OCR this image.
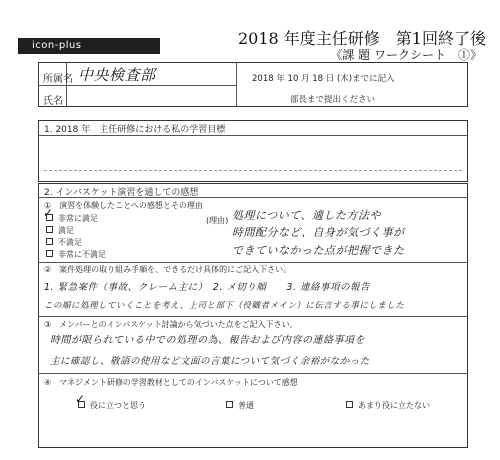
icon-plus	2018 年度主任研修　第1回終了後
《課 題 ワークシート　①》
所属名 中央検査部
氏名
2018 年 10 月 18 日 (木)までに記入
部長まで提出ください
1. 2018 年　主任研修における私の学習目標
2. インバスケット演習を通しての感想
①　演習を体験したことへの感想とその理由
✓ 非常に満足
満足
不満足
非常に不満足
(理由) 処理について、適した方法や
時間配分など、自身が気づく事が
できていなかった点が把握できた
②　案件処理の取り組み手順を、できるだけ具体的にご記入下さい。
1. 緊急案件（事故、クレーム主に）　2. メ切り順　　3. 連絡事項の報告
この順に処理していくことを考え、上司と部下（役職者メイン）に伝言する事にしました
③　メンバーとのインバスケット討論から気づいた点をご記入下さい。
時間が限られている中での処理の為、報告および内容の連絡事項を
主に確認し、敬語の使用など文面の言葉について気づく余裕がなかった
④　マネジメント研修の学習教材としてのインバスケットについて感想
✓ 役に立つと思う	普通	あまり役に立たない
